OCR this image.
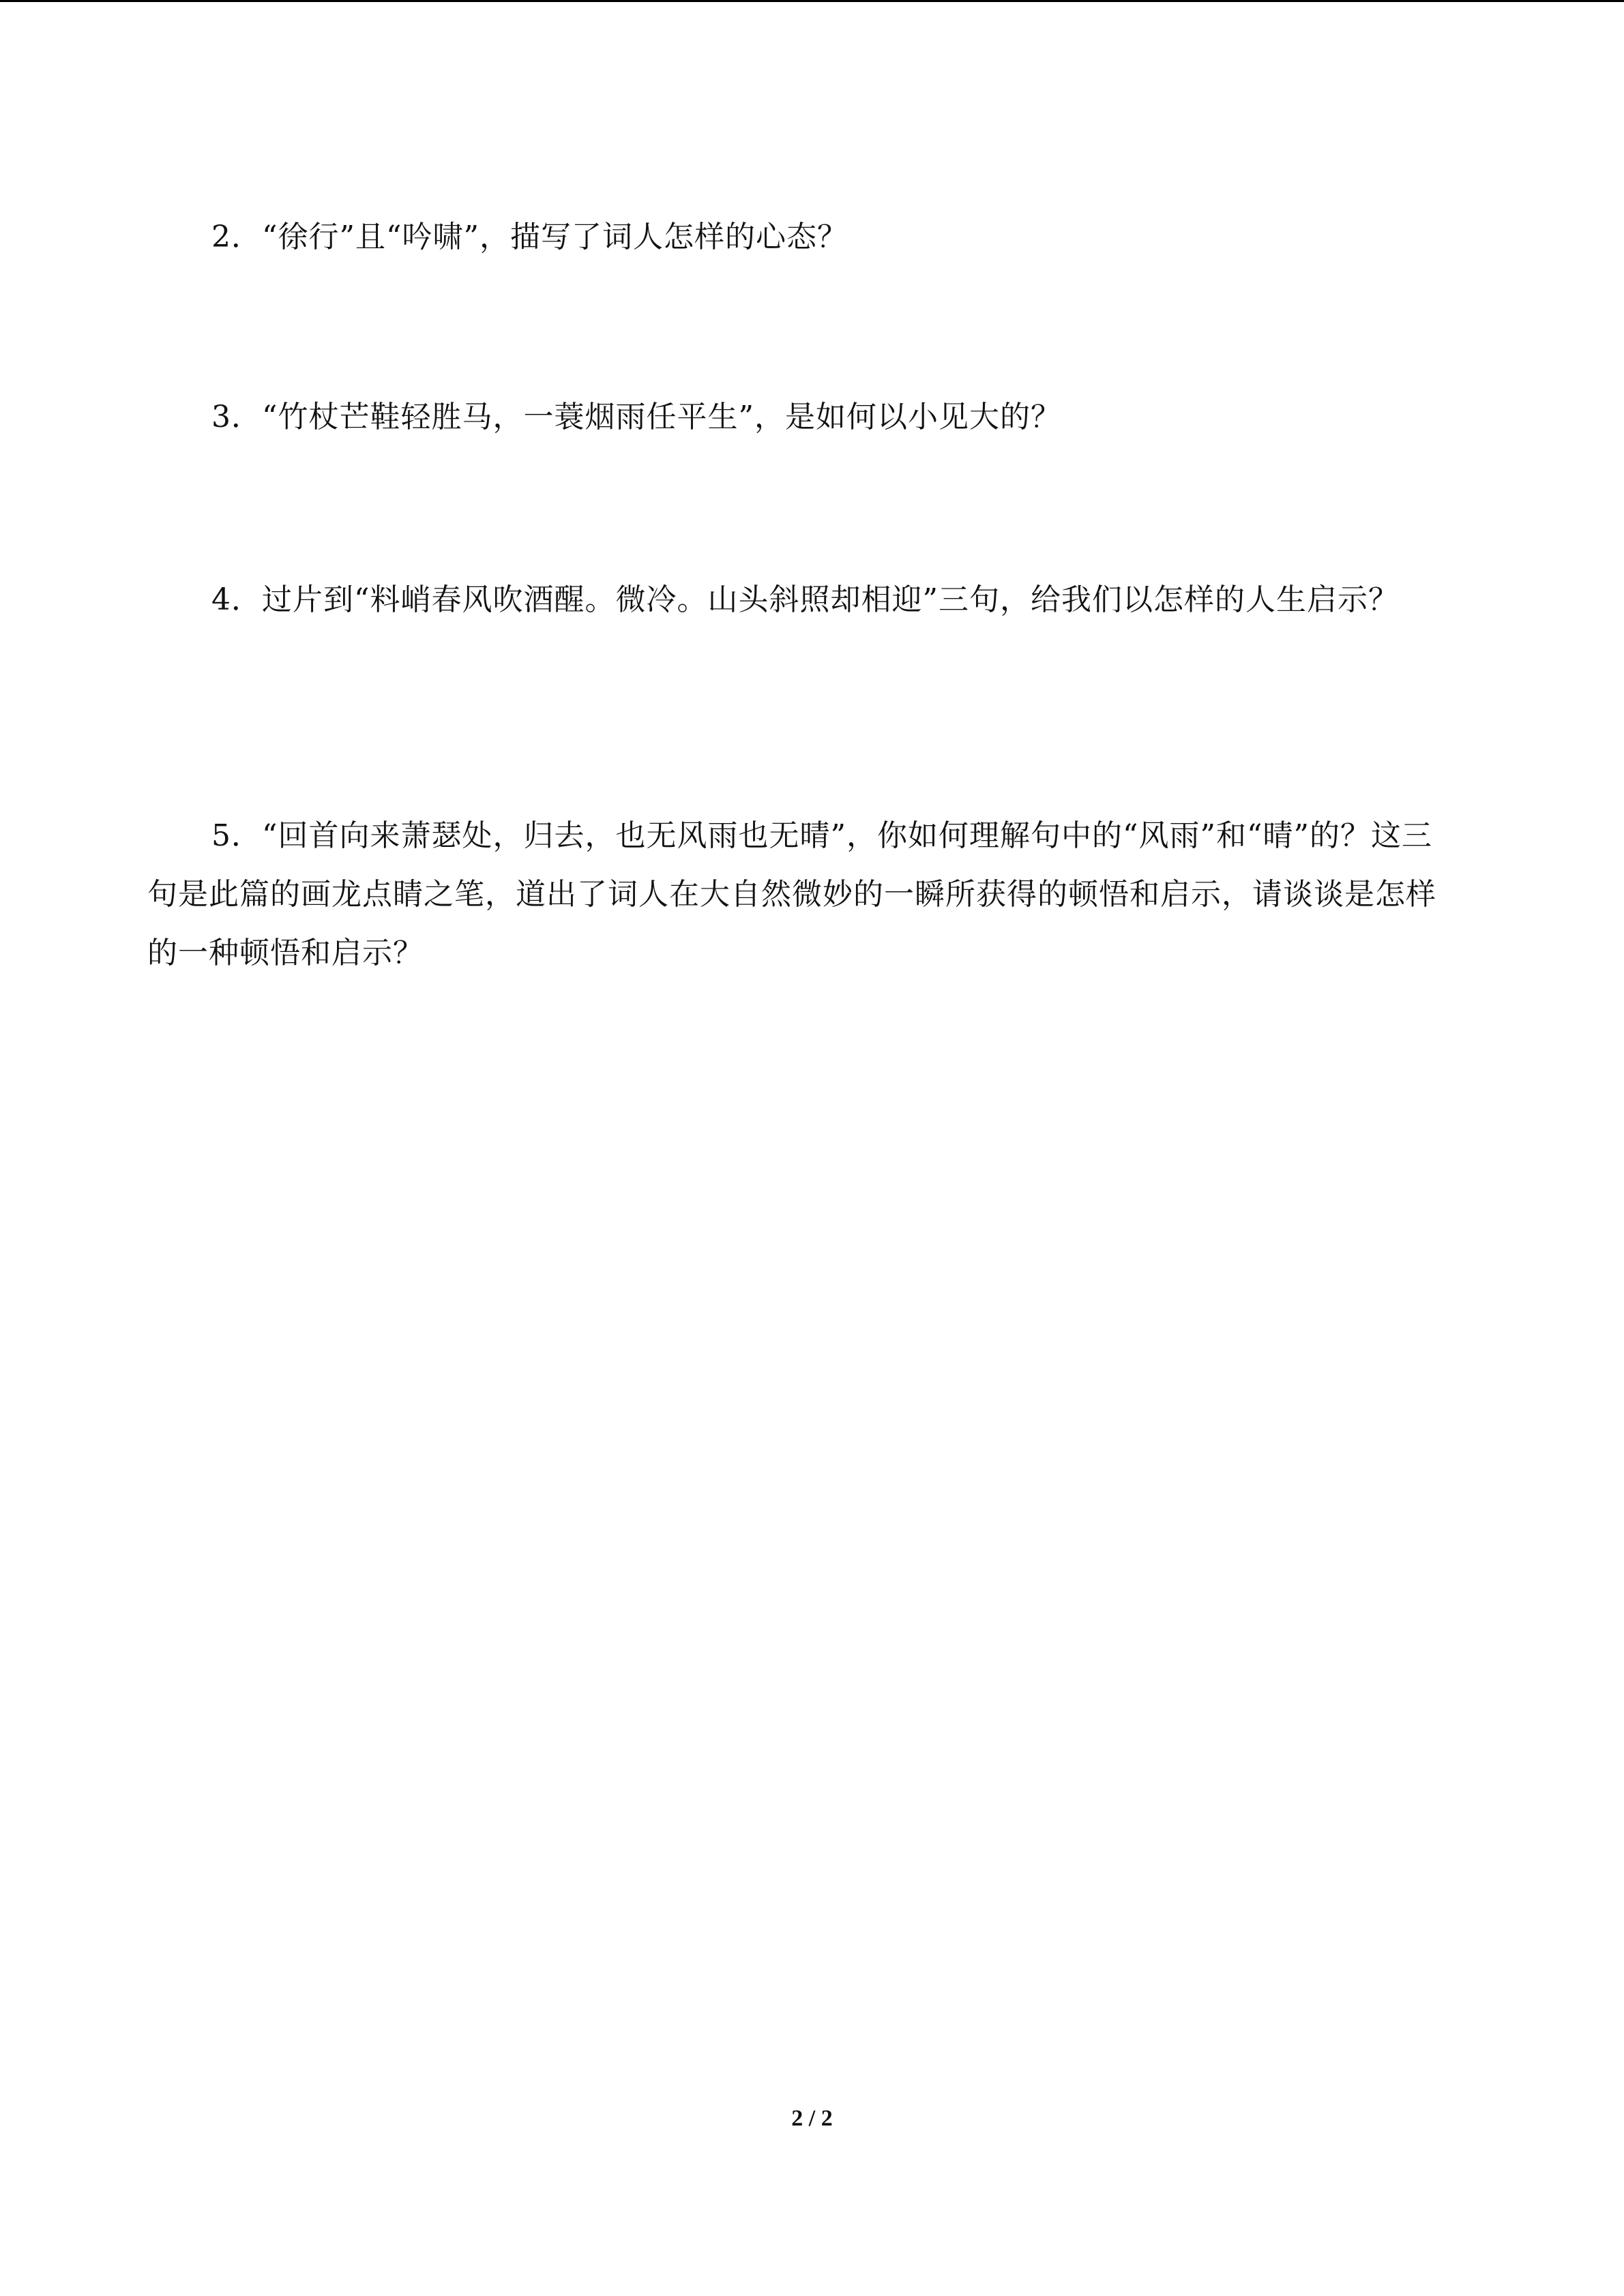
2．“徐行”且“吟啸”，描写了词人怎样的心态？

3．“竹杖芒鞋轻胜马，一蓑烟雨任平生”，是如何以小见大的？

4．过片到“料峭春风吹酒醒。微冷。山头斜照却相迎”三句，给我们以怎样的人生启示？

5．“回首向来萧瑟处，归去，也无风雨也无晴”，你如何理解句中的“风雨”和“晴”的？这三句是此篇的画龙点睛之笔，道出了词人在大自然微妙的一瞬所获得的顿悟和启示，请谈谈是怎样的一种顿悟和启示？

2 / 2
